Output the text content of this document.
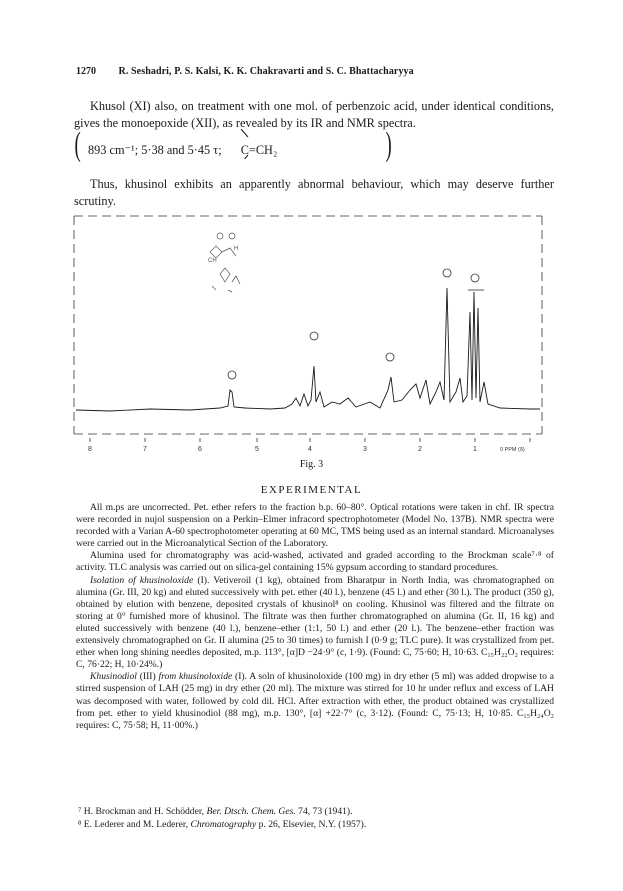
1270 R. Seshadri, P. S. Kalsi, K. K. Chakravarti and S. C. Bhattacharyya

Khusol (XI) also, on treatment with one mol. of perbenzoic acid, under identical conditions, gives the monoepoxide (XII), as revealed by its IR and NMR spectra.

( 893 cm⁻¹; 5·38 and 5·45 τ; C=CH₂	)

Thus, khusinol exhibits an apparently abnormal behaviour, which may deserve further scrutiny.

CH
H
8	7	6	5	4	3	2	1	0 PPM (δ)
Fig. 3
EXPERIMENTAL

All m.ps are uncorrected. Pet. ether refers to the fraction b.p. 60–80°. Optical rotations were taken in chf. IR spectra were recorded in nujol suspension on a Perkin–Elmer infracord spectrophotometer (Model No. 137B). NMR spectra were recorded with a Varian A-60 spectrophotometer operating at 60 MC, TMS being used as an internal standard. Microanalyses were carried out in the Microanalytical Section of the Laboratory.

Alumina used for chromatography was acid-washed, activated and graded according to the Brockman scale⁷·⁸ of activity. TLC analysis was carried out on silica-gel containing 15% gypsum according to standard procedures.

Isolation of khusinoloxide (I). Vetiveroil (1 kg), obtained from Bharatpur in North India, was chromatographed on alumina (Gr. III, 20 kg) and eluted successively with pet. ether (40 l.), benzene (45 l.) and ether (30 l.). The product (350 g), obtained by elution with benzene, deposited crystals of khusinol⁸ on cooling. Khusinol was filtered and the filtrate on storing at 0° furnished more of khusinol. The filtrate was then further chromatographed on alumina (Gr. II, 16 kg) and eluted successively with benzene (40 l.), benzene–ether (1:1, 50 l.) and ether (20 l.). The benzene–ether fraction was extensively chromatographed on Gr. II alumina (25 to 30 times) to furnish I (0·9 g; TLC pure). It was crystallized from pet. ether when long shining needles deposited, m.p. 113°, [α]D −24·9° (c, 1·9). (Found: C, 75·60; H, 10·63. C₁₅H₂₂O₂ requires: C, 76·22; H, 10·24%.)

Khusinodiol (III) from khusinoloxide (I). A soln of khusinoloxide (100 mg) in dry ether (5 ml) was added dropwise to a stirred suspension of LAH (25 mg) in dry ether (20 ml). The mixture was stirred for 10 hr under reflux and excess of LAH was decomposed with water, followed by cold dil. HCl. After extraction with ether, the product obtained was crystallized from pet. ether to yield khusinodiol (88 mg), m.p. 130°, [α] +22·7° (c, 3·12). (Found: C, 75·13; H, 10·85. C₁₅H₂₄O₂ requires: C, 75·58; H, 11·00%.)

⁷ H. Brockman and H. Schödder, Ber. Dtsch. Chem. Ges. 74, 73 (1941).

⁸ E. Lederer and M. Lederer, Chromatography p. 26, Elsevier, N.Y. (1957).
